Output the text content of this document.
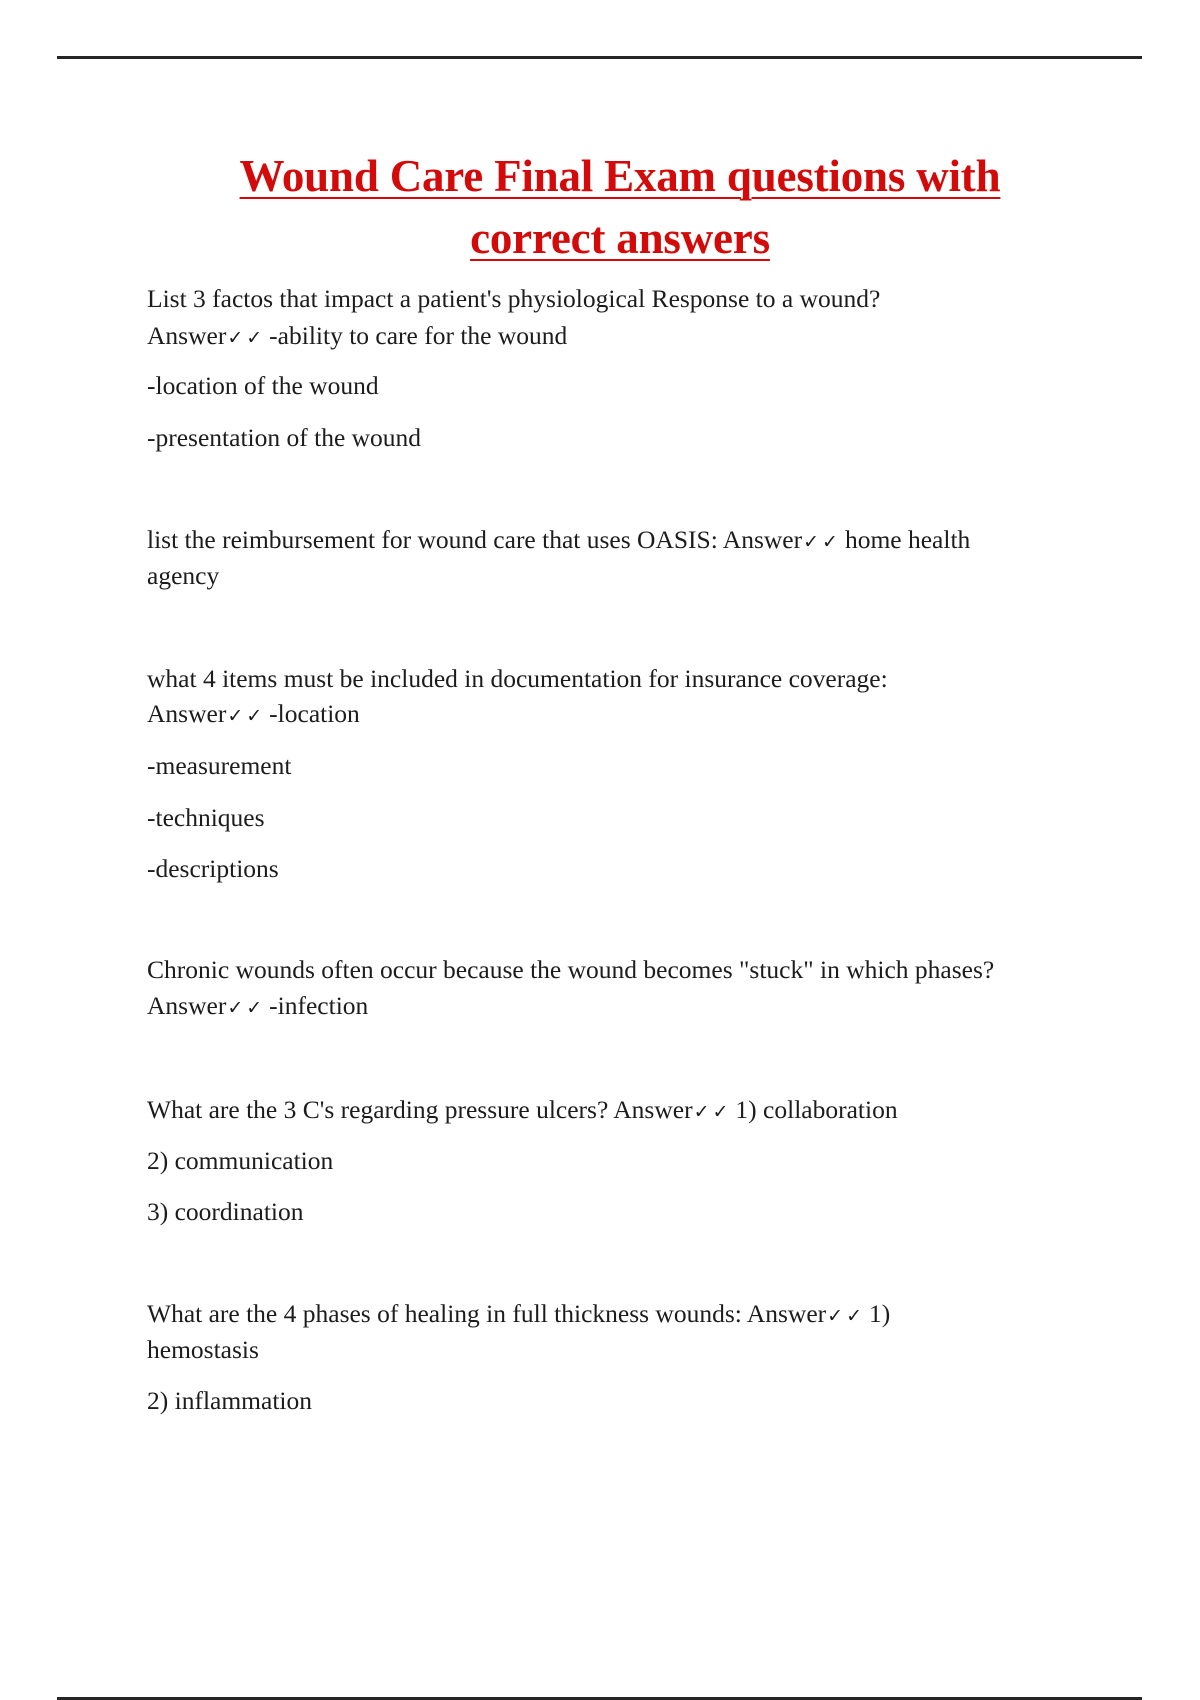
Wound Care Final Exam questions with
correct answers
List 3 factos that impact a patient's physiological Response to a wound?
Answer✓✓ -ability to care for the wound
-location of the wound
-presentation of the wound
list the reimbursement for wound care that uses OASIS: Answer✓✓ home health
agency
what 4 items must be included in documentation for insurance coverage:
Answer✓✓ -location
-measurement
-techniques
-descriptions
Chronic wounds often occur because the wound becomes "stuck" in which phases?
Answer✓✓ -infection
What are the 3 C's regarding pressure ulcers? Answer✓✓ 1) collaboration
2) communication
3) coordination
What are the 4 phases of healing in full thickness wounds: Answer✓✓ 1)
hemostasis
2) inflammation
